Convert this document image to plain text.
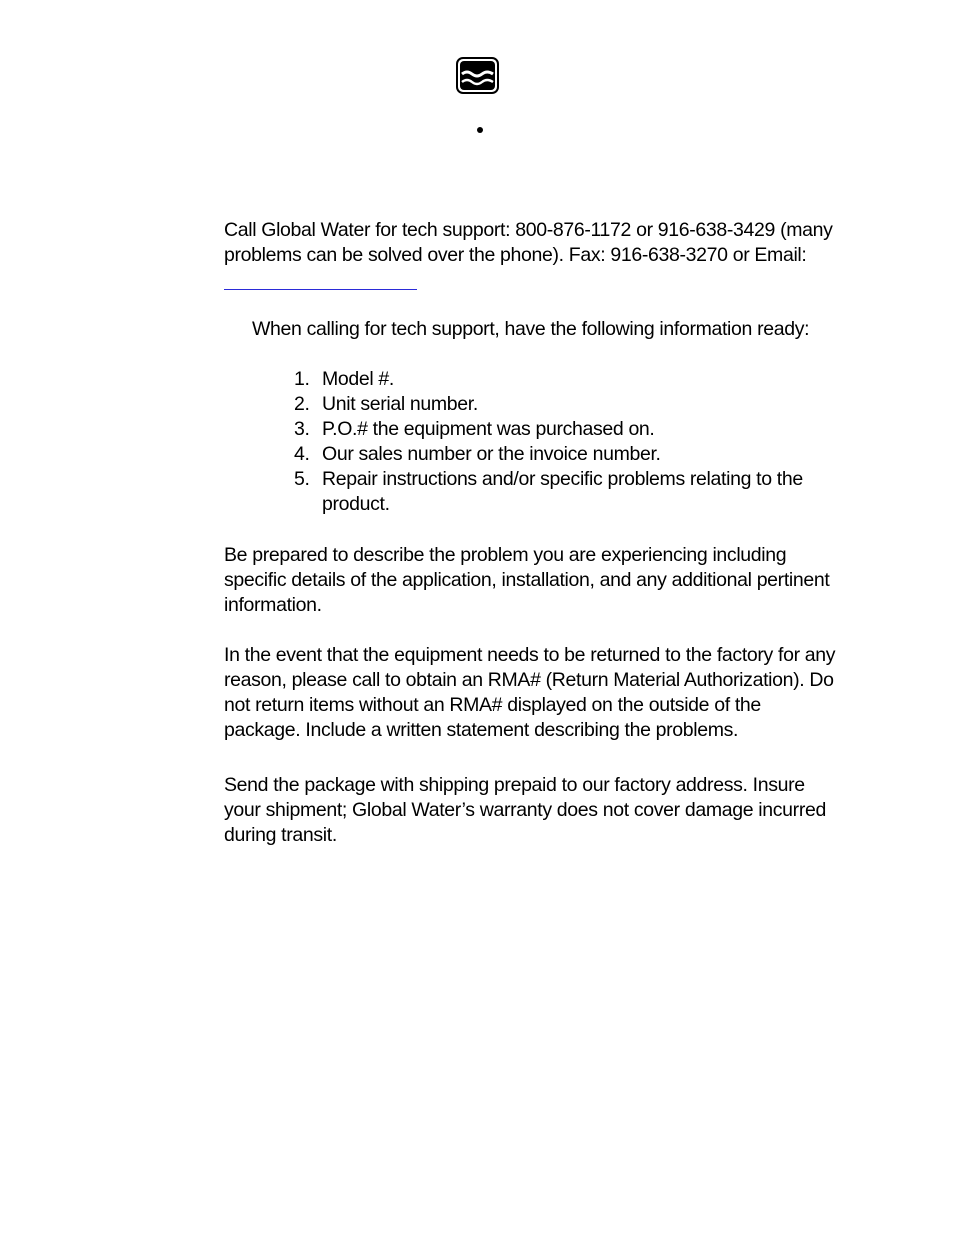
Call Global Water for tech support: 800-876-1172 or 916-638-3429 (many
problems can be solved over the phone). Fax: 916-638-3270 or Email:
When calling for tech support, have the following information ready:
1. Model #.
2. Unit serial number.
3. P.O.# the equipment was purchased on.
4. Our sales number or the invoice number.
5. Repair instructions and/or specific problems relating to the
product.
Be prepared to describe the problem you are experiencing including
specific details of the application, installation, and any additional pertinent
information.
In the event that the equipment needs to be returned to the factory for any
reason, please call to obtain an RMA# (Return Material Authorization). Do
not return items without an RMA# displayed on the outside of the
package. Include a written statement describing the problems.
Send the package with shipping prepaid to our factory address. Insure
your shipment; Global Water’s warranty does not cover damage incurred
during transit.
